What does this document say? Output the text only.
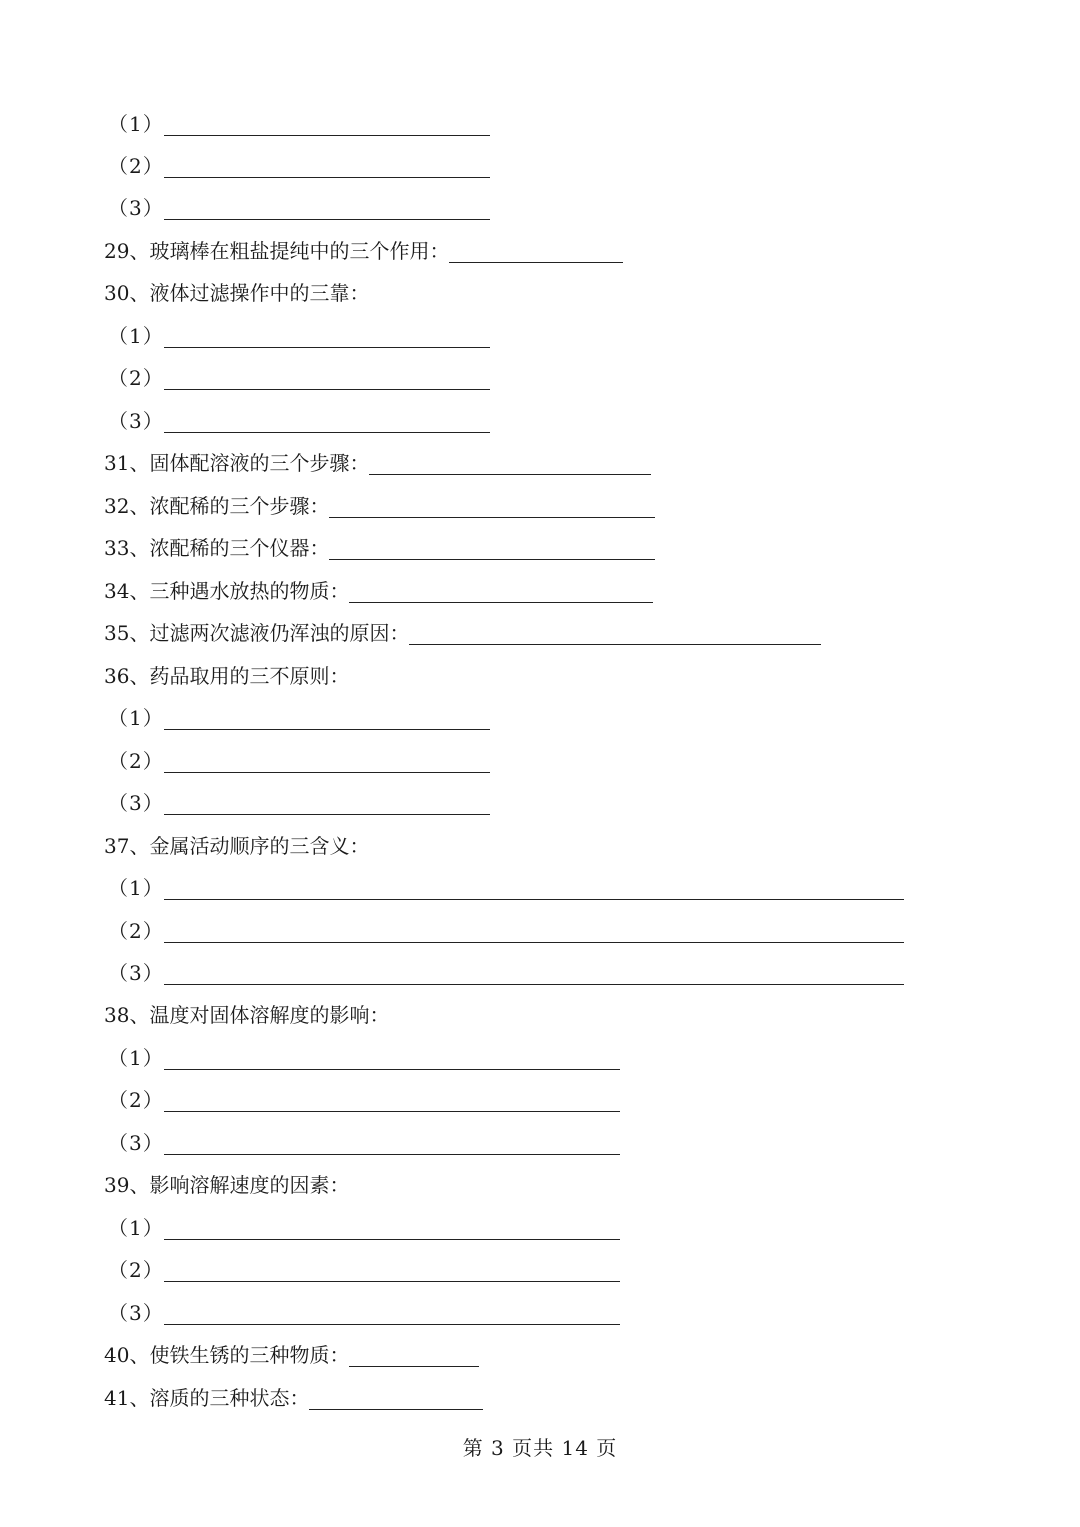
（1）
（2）
（3）
29、玻璃棒在粗盐提纯中的三个作用：
30、液体过滤操作中的三靠：
（1）
（2）
（3）
31、固体配溶液的三个步骤：
32、浓配稀的三个步骤：
33、浓配稀的三个仪器：
34、三种遇水放热的物质：
35、过滤两次滤液仍浑浊的原因：
36、药品取用的三不原则：
（1）
（2）
（3）
37、金属活动顺序的三含义：
（1）
（2）
（3）
38、温度对固体溶解度的影响：
（1）
（2）
（3）
39、影响溶解速度的因素：
（1）
（2）
（3）
40、使铁生锈的三种物质：
41、溶质的三种状态：
第 3 页共 14 页
